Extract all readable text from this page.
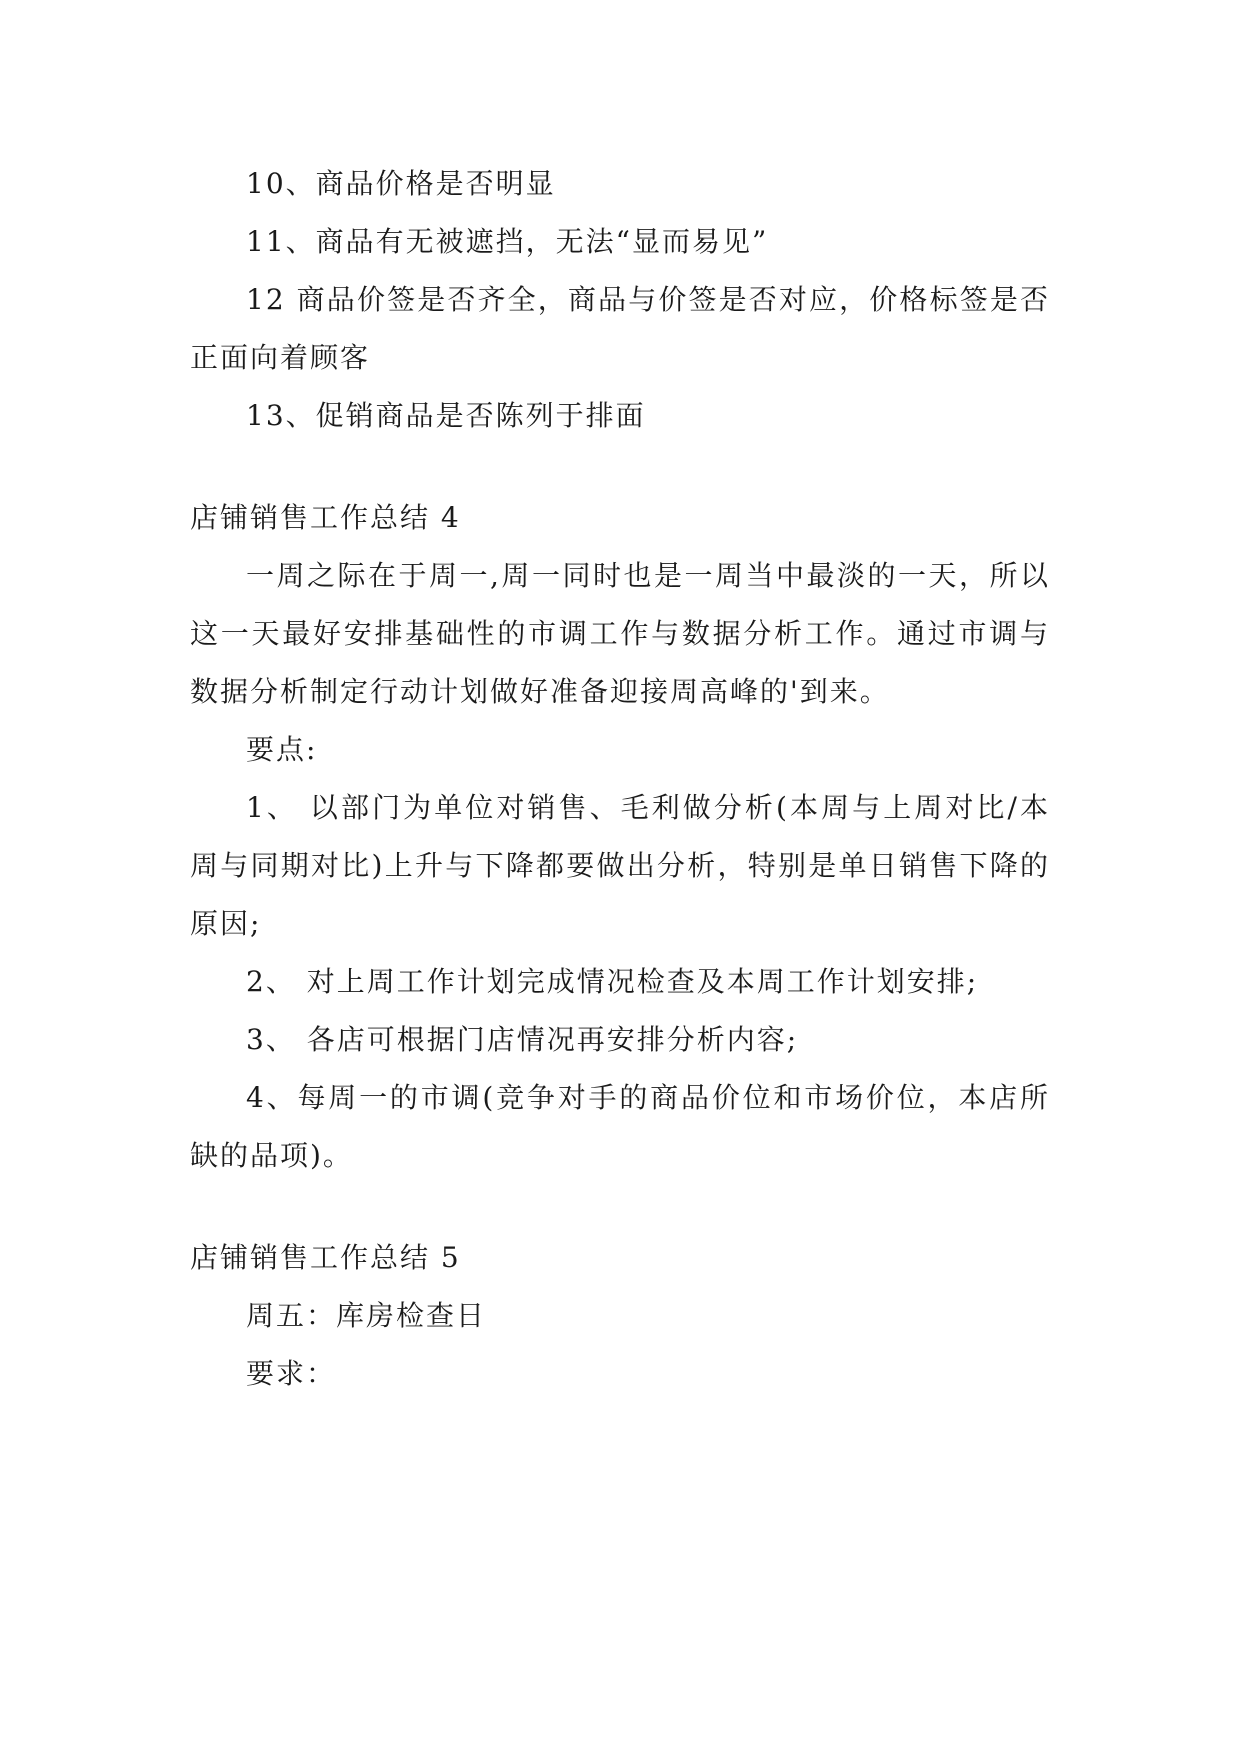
10、商品价格是否明显

11、商品有无被遮挡，无法“显而易见”

12 商品价签是否齐全，商品与价签是否对应，价格标签是否正面向着顾客

13、促销商品是否陈列于排面

店铺销售工作总结 4

一周之际在于周一,周一同时也是一周当中最淡的一天，所以这一天最好安排基础性的市调工作与数据分析工作。通过市调与数据分析制定行动计划做好准备迎接周高峰的'到来。

要点:

1、 以部门为单位对销售、毛利做分析(本周与上周对比/本周与同期对比)上升与下降都要做出分析，特别是单日销售下降的原因;

2、 对上周工作计划完成情况检查及本周工作计划安排;

3、 各店可根据门店情况再安排分析内容;

4、每周一的市调(竞争对手的商品价位和市场价位，本店所缺的品项)。

店铺销售工作总结 5

周五：库房检查日

要求：
